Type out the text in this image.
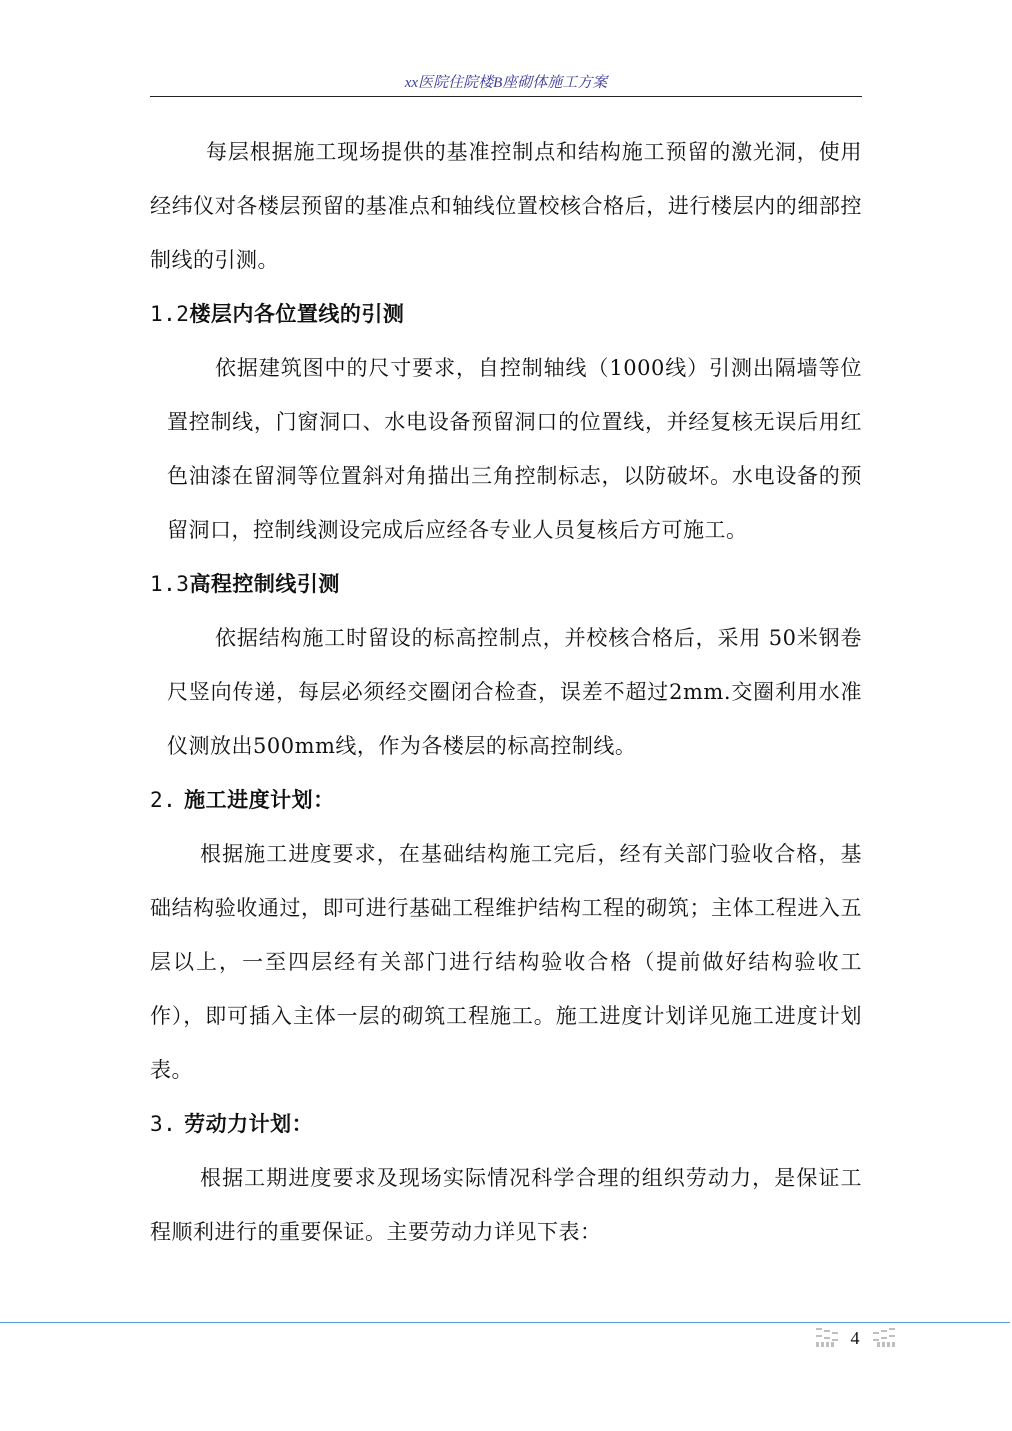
xx医院住院楼B座砌体施工方案

每层根据施工现场提供的基准控制点和结构施工预留的激光洞，使用经纬仪对各楼层预留的基准点和轴线位置校核合格后，进行楼层内的细部控制线的引测。

1.2楼层内各位置线的引测

依据建筑图中的尺寸要求，自控制轴线（1000线）引测出隔墙等位置控制线，门窗洞口、水电设备预留洞口的位置线，并经复核无误后用红色油漆在留洞等位置斜对角描出三角控制标志，以防破坏。水电设备的预留洞口，控制线测设完成后应经各专业人员复核后方可施工。

1.3高程控制线引测

依据结构施工时留设的标高控制点，并校核合格后，采用 50米钢卷尺竖向传递，每层必须经交圈闭合检查，误差不超过2mm.交圈利用水准仪测放出500mm线，作为各楼层的标高控制线。

2. 施工进度计划：

根据施工进度要求，在基础结构施工完后，经有关部门验收合格，基础结构验收通过，即可进行基础工程维护结构工程的砌筑；主体工程进入五层以上，一至四层经有关部门进行结构验收合格（提前做好结构验收工作），即可插入主体一层的砌筑工程施工。施工进度计划详见施工进度计划表。

3. 劳动力计划：

根据工期进度要求及现场实际情况科学合理的组织劳动力，是保证工程顺利进行的重要保证。主要劳动力详见下表：

4
